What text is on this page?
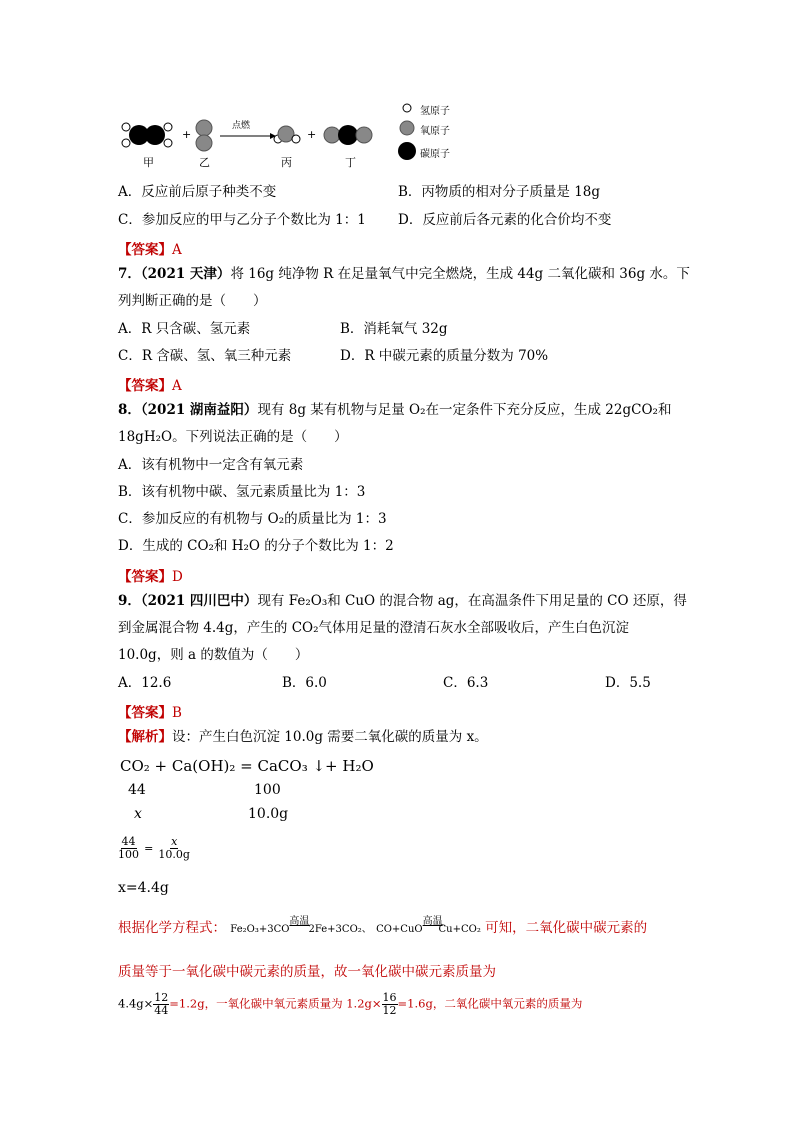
+
点燃
+
甲	乙	丙	丁
氢原子
氧原子
碳原子
A．反应前后原子种类不变	B．丙物质的相对分子质量是 18g
C．参加反应的甲与乙分子个数比为 1：1 D．反应前后各元素的化合价均不变
【答案】A
7．（2021 天津）将 16g 纯净物 R 在足量氧气中完全燃烧，生成 44g 二氧化碳和 36g 水。下
列判断正确的是（　　）
A．R 只含碳、氢元素	B．消耗氧气 32g
C．R 含碳、氢、氧三种元素	D．R 中碳元素的质量分数为 70%
【答案】A
8．（2021 湖南益阳）现有 8g 某有机物与足量 O₂在一定条件下充分反应，生成 22gCO₂和
18gH₂O。下列说法正确的是（　　）
A．该有机物中一定含有氧元素
B．该有机物中碳、氢元素质量比为 1：3
C．参加反应的有机物与 O₂的质量比为 1：3
D．生成的 CO₂和 H₂O 的分子个数比为 1：2
【答案】D
9．（2021 四川巴中）现有 Fe₂O₃和 CuO 的混合物 ag，在高温条件下用足量的 CO 还原，得
到金属混合物 4.4g，产生的 CO₂气体用足量的澄清石灰水全部吸收后，产生白色沉淀
10.0g，则 a 的数值为（　　）
A．12.6	B．6.0	C．6.3	D．5.5
【答案】B
【解析】设：产生白色沉淀 10.0g 需要二氧化碳的质量为 x。
CO₂ + Ca(OH)₂ = CaCO₃ ↓+ H₂O
44	100
x	10.0g
$\frac{44}{100} = \frac{x}{10.0g}$
x=4.4g
根据化学方程式： Fe₂O₃+3CO
高温
2Fe+3CO₂、 CO+CuO
高温
Cu+CO₂ 可知，二氧化碳中碳元素的
质量等于一氧化碳中碳元素的质量，故一氧化碳中碳元素质量为
$4.4g\times \frac{12}{44} =1.2g$，一氧化碳中氧元素质量为 $1.2g\times \frac{16}{12} =1.6g$，二氧化碳中氧元素的质量为
